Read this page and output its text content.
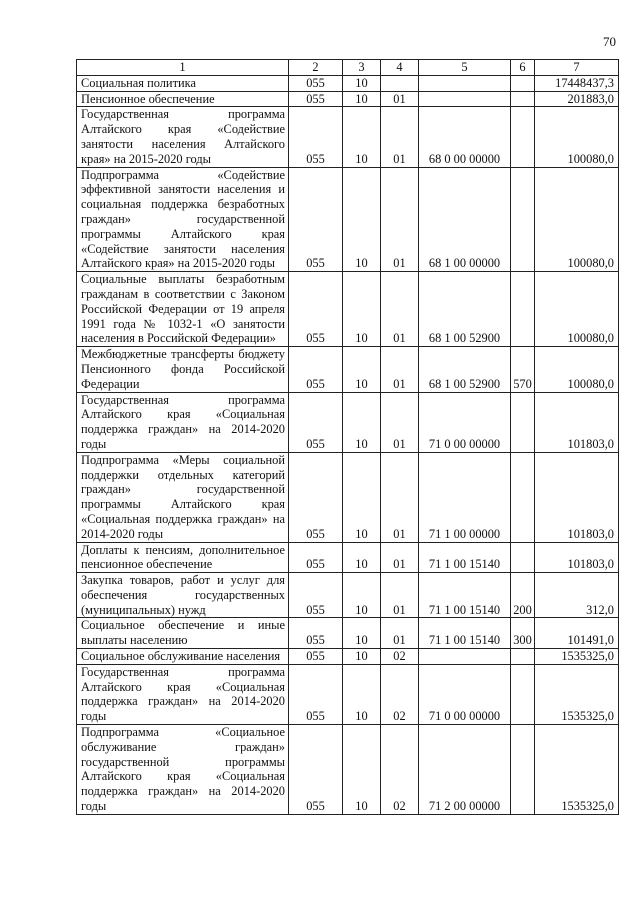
70
1	2	3	4	5	6	7
Социальная политика	055	10				17448437,3
Пенсионное обеспечение	055	10	01			201883,0
Государственная программа Алтайского края «Содействие занятости населения Алтайского края» на 2015-2020 годы	055	10	01	68 0 00 00000		100080,0
Подпрограмма «Содействие эффективной занятости населения и социальная поддержка безработных граждан» государственной программы Алтайского края «Содействие занятости населения Алтайского края» на 2015-2020 годы	055	10	01	68 1 00 00000		100080,0
Социальные выплаты безработным гражданам в соответствии с Законом Российской Федерации от 19 апреля 1991 года № 1032-1 «О занятости населения в Российской Федерации»	055	10	01	68 1 00 52900		100080,0
Межбюджетные трансферты бюджету Пенсионного фонда Российской Федерации	055	10	01	68 1 00 52900	570	100080,0
Государственная программа Алтайского края «Социальная поддержка граждан» на 2014-2020 годы	055	10	01	71 0 00 00000		101803,0
Подпрограмма «Меры социальной поддержки отдельных категорий граждан» государственной программы Алтайского края «Социальная поддержка граждан» на 2014-2020 годы	055	10	01	71 1 00 00000		101803,0
Доплаты к пенсиям, дополнительное пенсионное обеспечение	055	10	01	71 1 00 15140		101803,0
Закупка товаров, работ и услуг для обеспечения государственных (муниципальных) нужд	055	10	01	71 1 00 15140	200	312,0
Социальное обеспечение и иные выплаты населению	055	10	01	71 1 00 15140	300	101491,0
Социальное обслуживание населения	055	10	02			1535325,0
Государственная программа Алтайского края «Социальная поддержка граждан» на 2014-2020 годы	055	10	02	71 0 00 00000		1535325,0
Подпрограмма «Социальное обслуживание граждан» государственной программы Алтайского края «Социальная поддержка граждан» на 2014-2020 годы	055	10	02	71 2 00 00000		1535325,0
